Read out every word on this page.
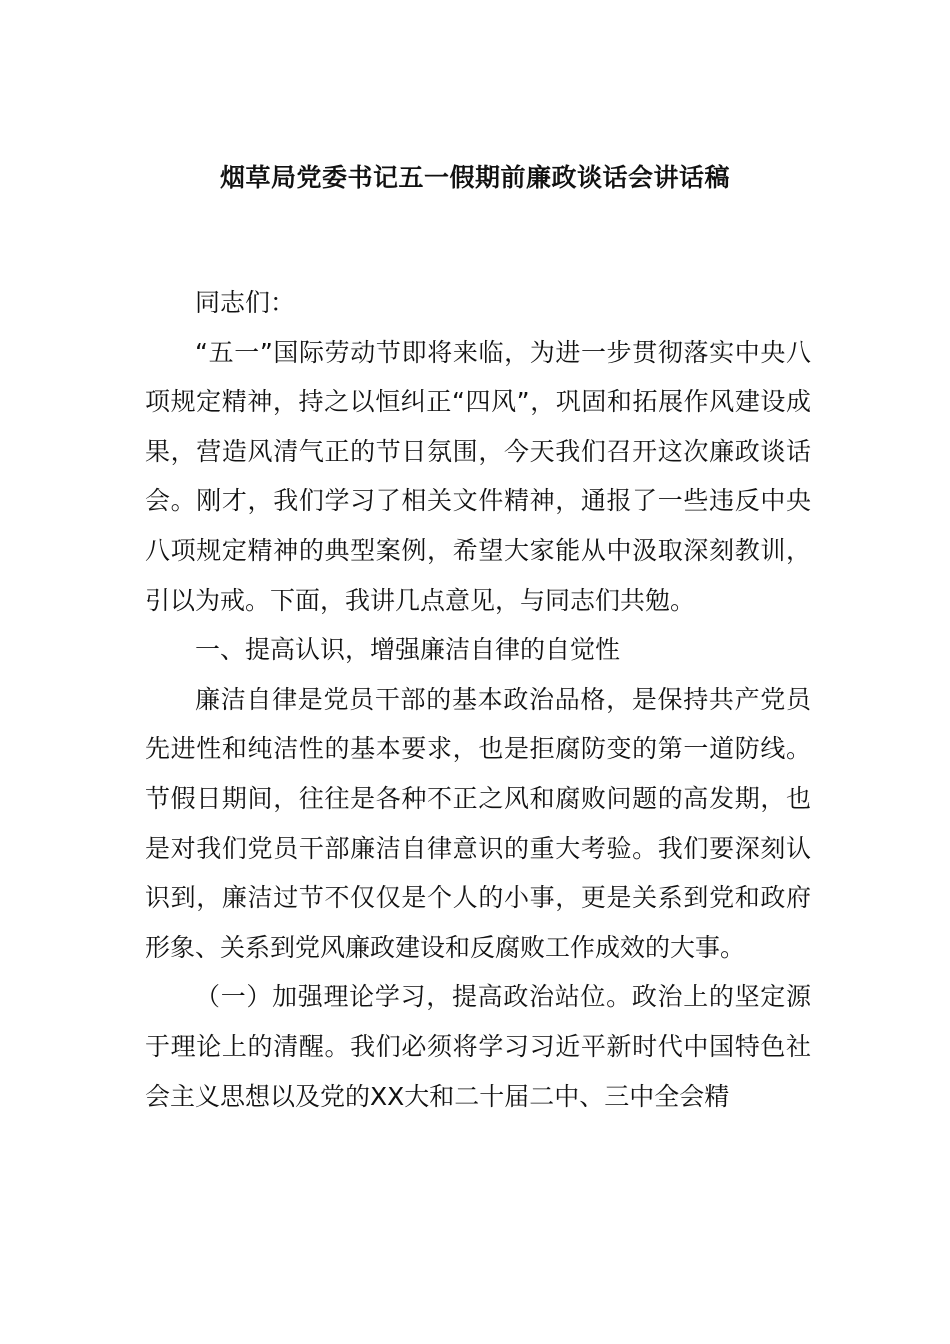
烟草局党委书记五一假期前廉政谈话会讲话稿

同志们：

“五一”国际劳动节即将来临，为进一步贯彻落实中央八项规定精神，持之以恒纠正“四风”，巩固和拓展作风建设成果，营造风清气正的节日氛围，今天我们召开这次廉政谈话会。刚才，我们学习了相关文件精神，通报了一些违反中央八项规定精神的典型案例，希望大家能从中汲取深刻教训，引以为戒。下面，我讲几点意见，与同志们共勉。

一、提高认识，增强廉洁自律的自觉性

廉洁自律是党员干部的基本政治品格，是保持共产党员先进性和纯洁性的基本要求，也是拒腐防变的第一道防线。节假日期间，往往是各种不正之风和腐败问题的高发期，也是对我们党员干部廉洁自律意识的重大考验。我们要深刻认识到，廉洁过节不仅仅是个人的小事，更是关系到党和政府形象、关系到党风廉政建设和反腐败工作成效的大事。

（一）加强理论学习，提高政治站位。政治上的坚定源于理论上的清醒。我们必须将学习习近平新时代中国特色社会主义思想以及党的XX大和二十届二中、三中全会精
